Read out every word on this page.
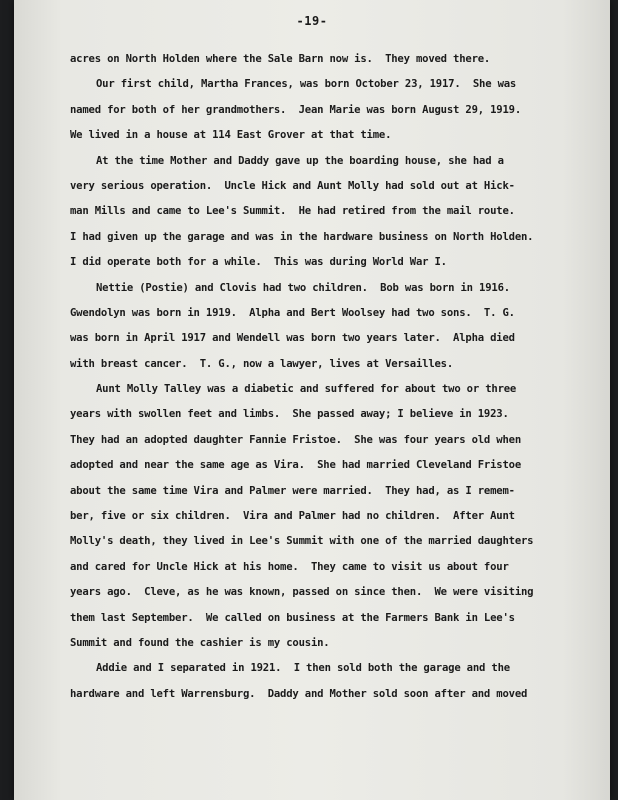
-19-
acres on North Holden where the Sale Barn now is.  They moved there.
Our first child, Martha Frances, was born October 23, 1917.  She was
named for both of her grandmothers.  Jean Marie was born August 29, 1919.
We lived in a house at 114 East Grover at that time.
At the time Mother and Daddy gave up the boarding house, she had a
very serious operation.  Uncle Hick and Aunt Molly had sold out at Hick-
man Mills and came to Lee's Summit.  He had retired from the mail route.
I had given up the garage and was in the hardware business on North Holden.
I did operate both for a while.  This was during World War I.
Nettie (Postie) and Clovis had two children.  Bob was born in 1916.
Gwendolyn was born in 1919.  Alpha and Bert Woolsey had two sons.  T. G.
was born in April 1917 and Wendell was born two years later.  Alpha died
with breast cancer.  T. G., now a lawyer, lives at Versailles.
Aunt Molly Talley was a diabetic and suffered for about two or three
years with swollen feet and limbs.  She passed away; I believe in 1923.
They had an adopted daughter Fannie Fristoe.  She was four years old when
adopted and near the same age as Vira.  She had married Cleveland Fristoe
about the same time Vira and Palmer were married.  They had, as I remem-
ber, five or six children.  Vira and Palmer had no children.  After Aunt
Molly's death, they lived in Lee's Summit with one of the married daughters
and cared for Uncle Hick at his home.  They came to visit us about four
years ago.  Cleve, as he was known, passed on since then.  We were visiting
them last September.  We called on business at the Farmers Bank in Lee's
Summit and found the cashier is my cousin.
Addie and I separated in 1921.  I then sold both the garage and the
hardware and left Warrensburg.  Daddy and Mother sold soon after and moved
